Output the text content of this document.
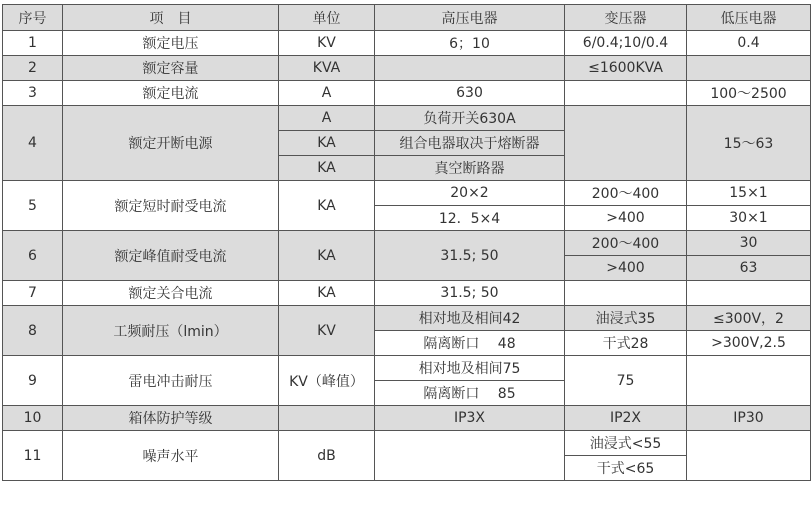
序号	项　目	单位	高压电器	变压器	低压电器
1	额定电压	KV	6；10	6/0.4;10/0.4	0.4
2	额定容量	KVA		≤1600KVA	
3	额定电流	A	630		100～2500
4	额定开断电源	A	负荷开关630A		15～63
		KA	组合电器取决于熔断器		
		KA	真空断路器		
5	额定短时耐受电流	KA	20×2	200～400	15×1
			12．5×4	>400	30×1
6	额定峰值耐受电流	KA	31.5; 50	200～400	30
				>400	63
7	额定关合电流	KA	31.5; 50		
8	工频耐压（lmin）	KV	相对地及相间42	油浸式35	≤300V，2
			隔离断口　 48	干式28	>300V,2.5
9	雷电冲击耐压	KV（峰值）	相对地及相间75	75	
			隔离断口　 85		
10	箱体防护等级		IP3X	IP2X	IP30
11	噪声水平	dB		油浸式<55	
				干式<65	
